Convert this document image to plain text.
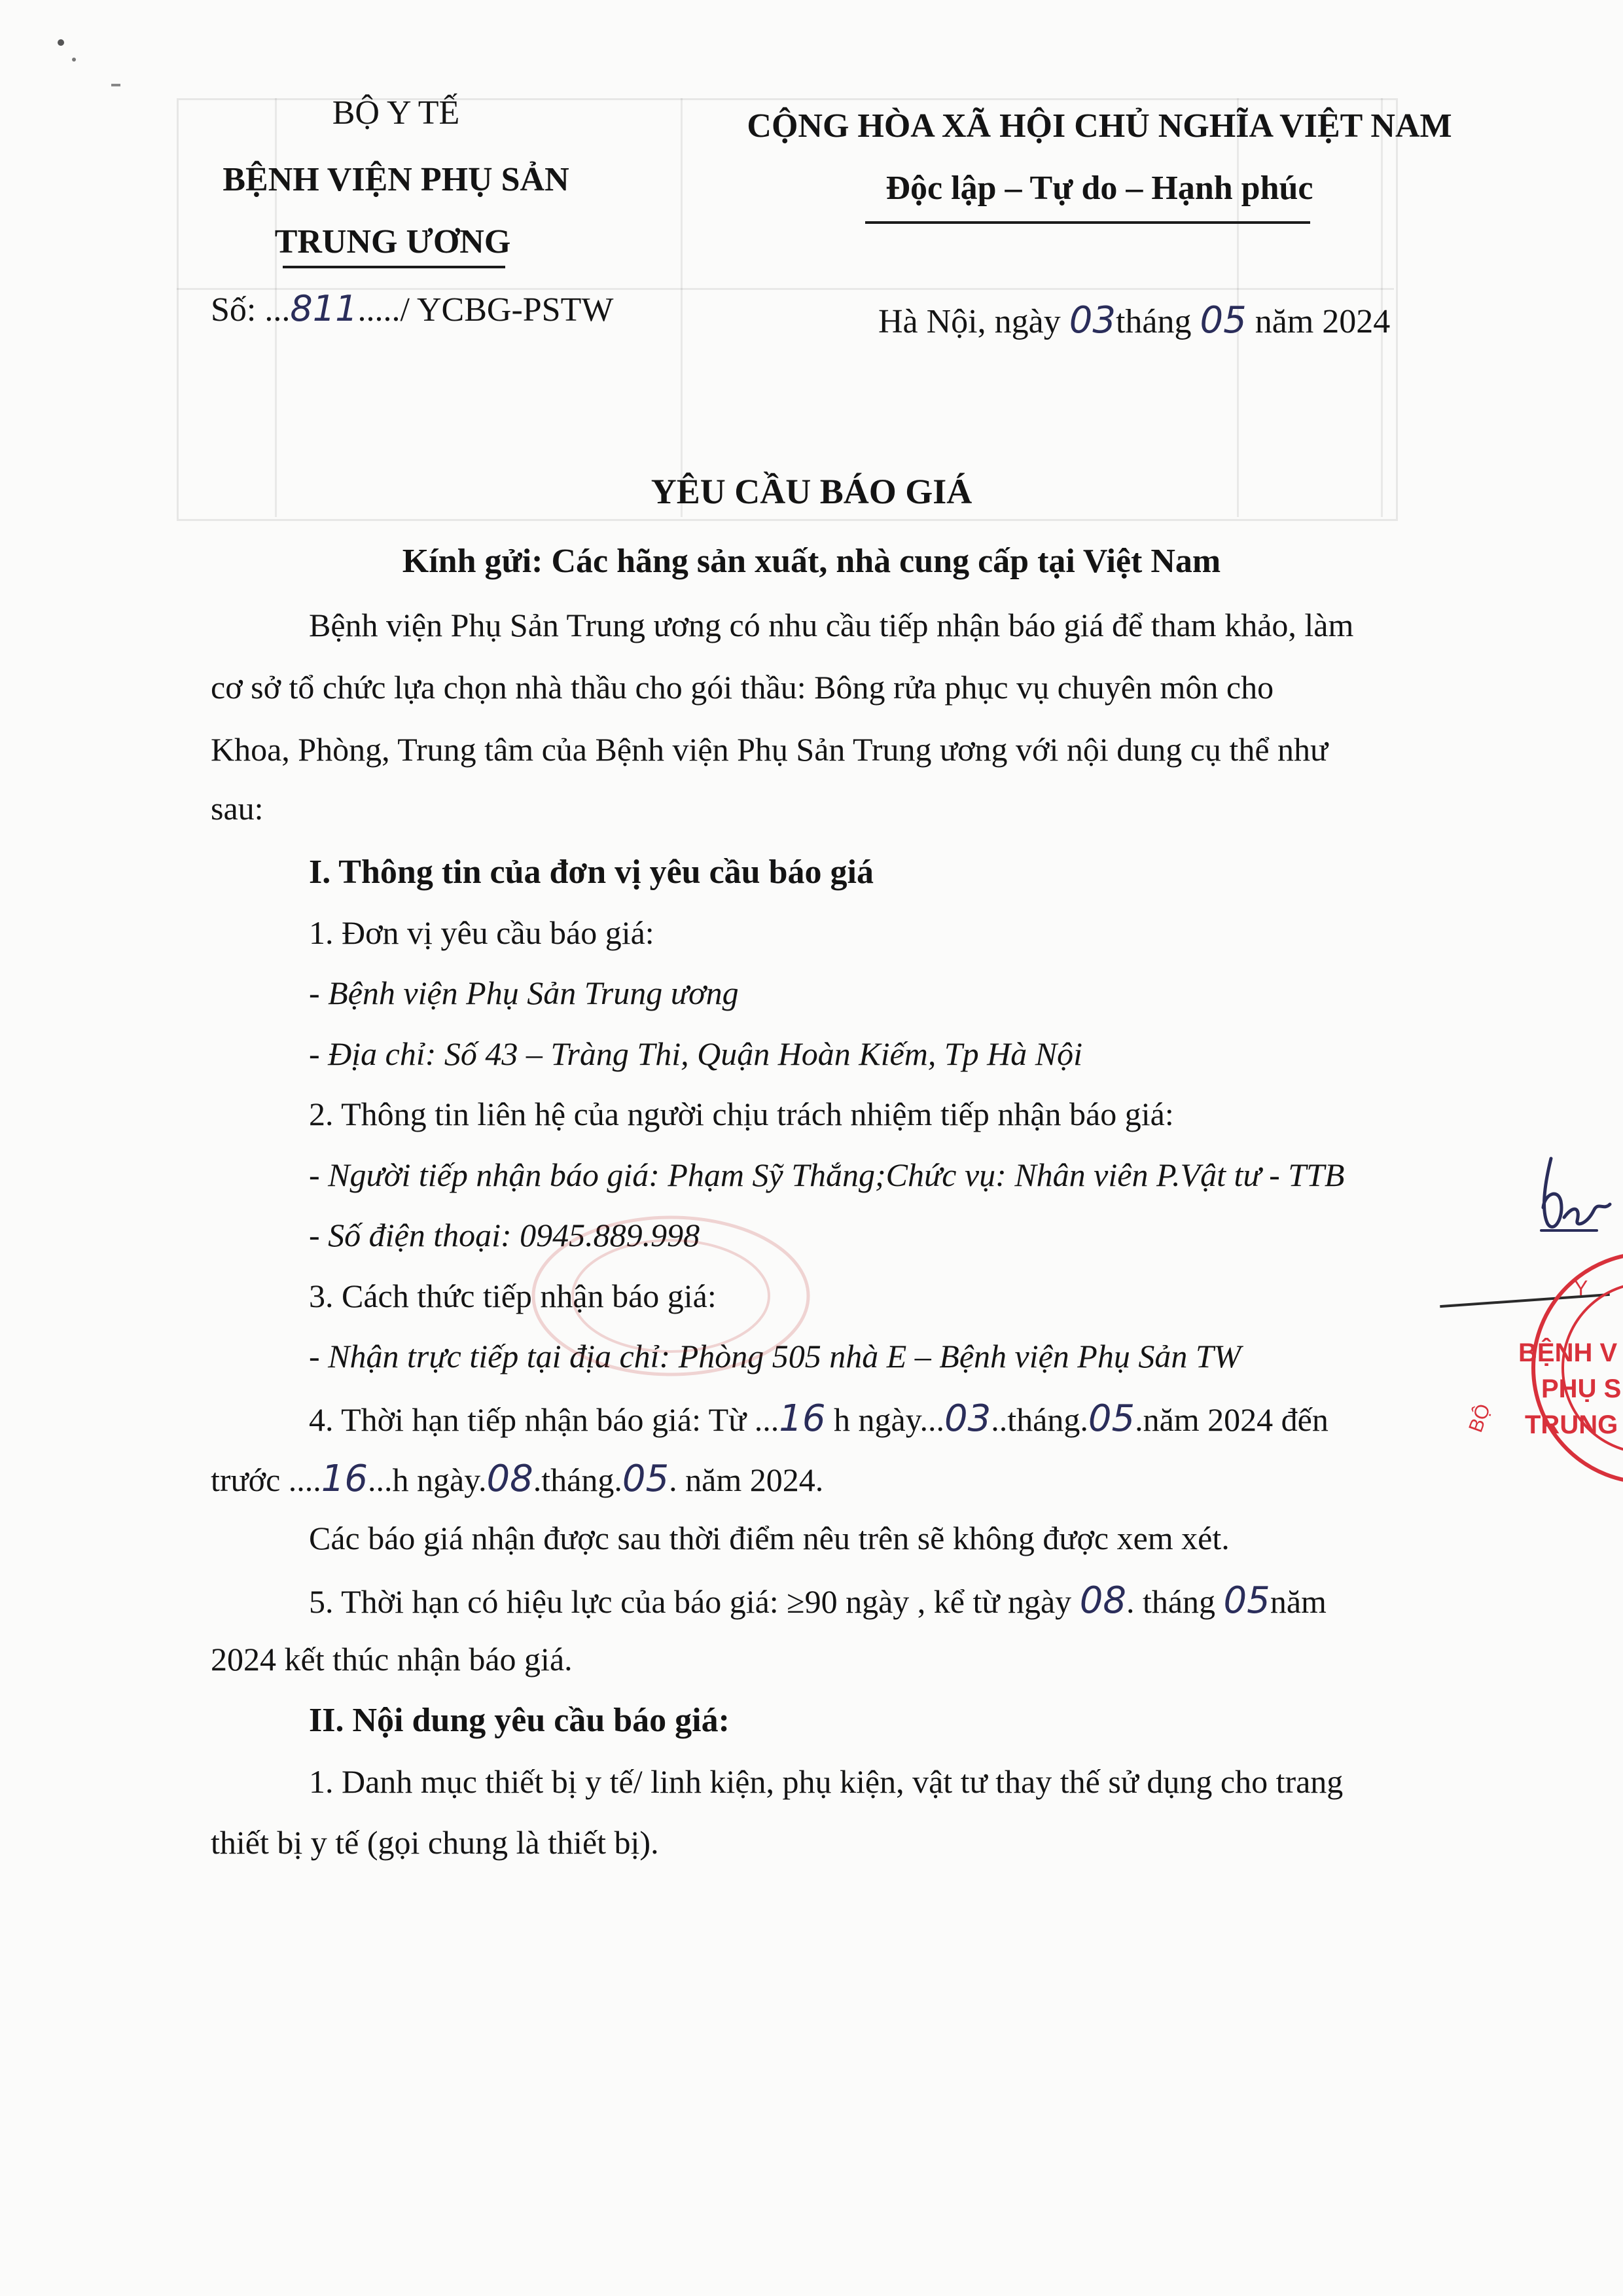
BỘ Y TẾ
BỆNH VIỆN PHỤ SẢN
TRUNG ƯƠNG
Số: ...811...../ YCBG-PSTW
CỘNG HÒA XÃ HỘI CHỦ NGHĨA VIỆT NAM
Độc lập – Tự do – Hạnh phúc
Hà Nội, ngày 03tháng 05 năm 2024
YÊU CẦU BÁO GIÁ
Kính gửi: Các hãng sản xuất, nhà cung cấp tại Việt Nam
Bệnh viện Phụ Sản Trung ương có nhu cầu tiếp nhận báo giá để tham khảo, làm
cơ sở tổ chức lựa chọn nhà thầu cho gói thầu: Bông rửa phục vụ chuyên môn cho
Khoa, Phòng, Trung tâm của Bệnh viện Phụ Sản Trung ương với nội dung cụ thể như
sau:
I. Thông tin của đơn vị yêu cầu báo giá
1. Đơn vị yêu cầu báo giá:
- Bệnh viện Phụ Sản Trung ương
- Địa chỉ: Số 43 – Tràng Thi, Quận Hoàn Kiếm, Tp Hà Nội
2. Thông tin liên hệ của người chịu trách nhiệm tiếp nhận báo giá:
- Người tiếp nhận báo giá: Phạm Sỹ Thắng;Chức vụ: Nhân viên P.Vật tư - TTB
- Số điện thoại: 0945.889.998
3. Cách thức tiếp nhận báo giá:
- Nhận trực tiếp tại địa chỉ: Phòng 505 nhà E – Bệnh viện Phụ Sản TW
4. Thời hạn tiếp nhận báo giá: Từ ...16 h ngày...03..tháng.05.năm 2024 đến
trước ....16...h ngày.08.tháng.05. năm 2024.
Các báo giá nhận được sau thời điểm nêu trên sẽ không được xem xét.
5. Thời hạn có hiệu lực của báo giá: ≥90 ngày , kể từ ngày 08. tháng 05năm
2024 kết thúc nhận báo giá.
II. Nội dung yêu cầu báo giá:
1. Danh mục thiết bị y tế/ linh kiện, phụ kiện, vật tư thay thế sử dụng cho trang
thiết bị y tế (gọi chung là thiết bị).
Y
BỆNH V
PHỤ S
TRUNG
BỘ
